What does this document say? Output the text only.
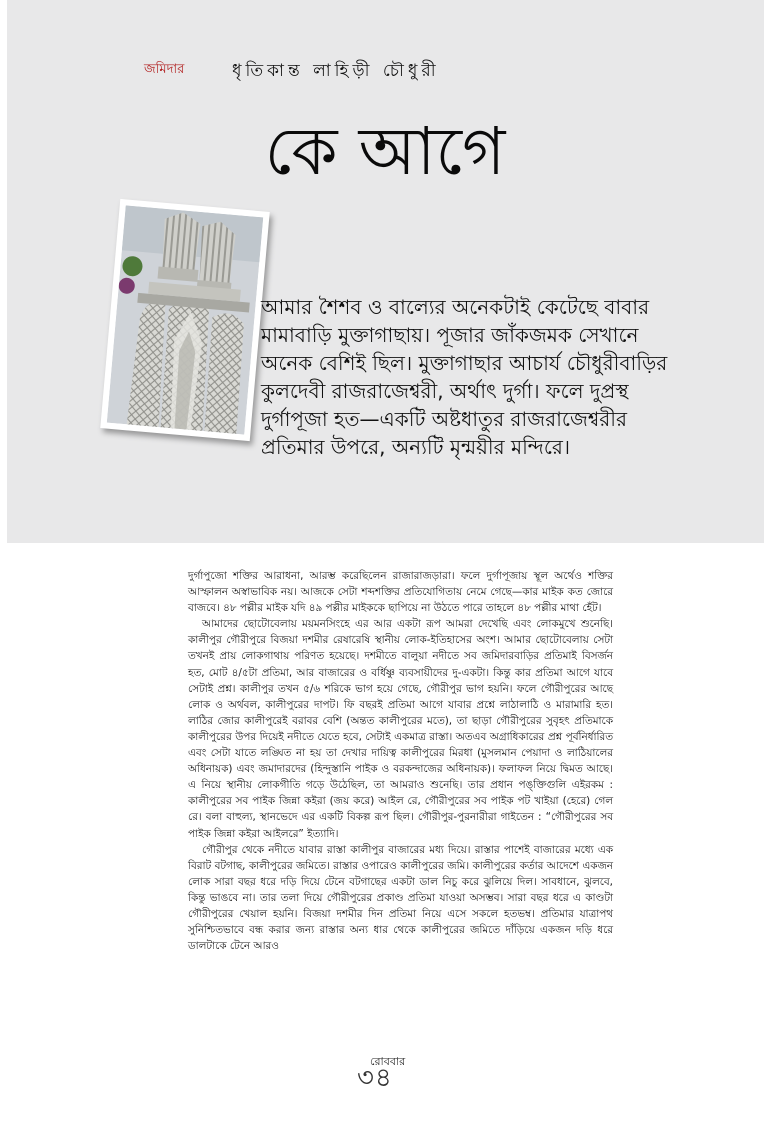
জমিদার	ধৃতিকান্ত লাহিড়ী চৌধুরী
কে আগে

আমার শৈশব ও বাল্যের অনেকটাই কেটেছে বাবার মামাবাড়ি মুক্তাগাছায়। পূজার জাঁকজমক সেখানে অনেক বেশিই ছিল। মুক্তাগাছার আচার্য চৌধুরীবাড়ির কুলদেবী রাজরাজেশ্বরী, অর্থাৎ দুর্গা। ফলে দুপ্রস্থ দুর্গাপূজা হত—একটি অষ্টধাতুর রাজরাজেশ্বরীর প্রতিমার উপরে, অন্যটি মৃন্ময়ীর মন্দিরে।

দুর্গাপুজো শক্তির আরাধনা, আরম্ভ করেছিলেন রাজারাজড়ারা। ফলে দুর্গাপূজায় স্থূল অর্থেও শক্তির আস্ফালন অস্বাভাবিক নয়। আজকে সেটা শব্দশক্তির প্রতিযোগিতায় নেমে গেছে—কার মাইক কত জোরে বাজবে। ৪৮ পল্লীর মাইক যদি ৪৯ পল্লীর মাইককে ছাপিয়ে না উঠতে পারে তাহলে ৪৮ পল্লীর মাথা হেঁট।

আমাদের ছোটোবেলায় ময়মনসিংহে এর আর একটা রূপ আমরা দেখেছি এবং লোকমুখে শুনেছি। কালীপুর গৌরীপুরে বিজয়া দশমীর রেষারেষি স্থানীয় লোক-ইতিহাসের অংশ। আমার ছোটোবেলায় সেটা তখনই প্রায় লোকগাথায় পরিণত হয়েছে। দশমীতে বালুয়া নদীতে সব জমিদারবাড়ির প্রতিমাই বিসর্জন হত, মোট ৪/৫টা প্রতিমা, আর বাজারের ও বর্ধিষ্ণু ব্যবসায়ীদের দু-একটা। কিন্তু কার প্রতিমা আগে যাবে সেটাই প্রশ্ন। কালীপুর তখন ৫/৬ শরিকে ভাগ হয়ে গেছে, গৌরীপুর ভাগ হয়নি। ফলে গৌরীপুরের আছে লোক ও অর্থবল, কালীপুরের দাপট। ফি বছরই প্রতিমা আগে যাবার প্রশ্নে লাঠালাঠি ও মারামারি হত। লাঠির জোর কালীপুরেই বরাবর বেশি (অন্তত কালীপুরের মতে), তা ছাড়া গৌরীপুরের সুবৃহৎ প্রতিমাকে কালীপুরের উপর দিয়েই নদীতে যেতে হবে, সেটাই একমাত্র রাস্তা। অতএব অগ্রাধিকারের প্রশ্ন পূর্বনির্ধারিত এবং সেটা যাতে লঙ্ঘিত না হয় তা দেখার দায়িত্ব কালীপুরের মিরধা (মুসলমান পেয়াদা ও লাঠিয়ালের অধিনায়ক) এবং জমাদারদের (হিন্দুস্তানি পাইক ও বরকন্দাজের অধিনায়ক)। ফলাফল নিয়ে দ্বিমত আছে। এ নিয়ে স্থানীয় লোকগীতি গড়ে উঠেছিল, তা আমরাও শুনেছি। তার প্রধান পঙ্‌ক্তিগুলি এইরকম : কালীপুরের সব পাইক জিন্না কইরা (জয় করে) আইল রে, গৌরীপুরের সব পাইক পট খাইয়া (হেরে) গেল রে। বলা বাহুল্য, স্থানভেদে এর একটি বিকল্প রূপ ছিল। গৌরীপুর-পুরনারীরা গাইতেন : “গৌরীপুরের সব পাইক জিন্না কইরা আইলরে” ইত্যাদি।

গৌরীপুর থেকে নদীতে যাবার রাস্তা কালীপুর বাজারের মধ্য দিয়ে। রাস্তার পাশেই বাজারের মধ্যে এক বিরাট বটগাছ, কালীপুরের জমিতে। রাস্তার ওপারেও কালীপুরের জমি। কালীপুরের কর্তার আদেশে একজন লোক সারা বছর ধরে দড়ি দিয়ে টেনে বটগাছের একটা ডাল নিচু করে ঝুলিয়ে দিল। সাবধানে, ঝুলবে, কিন্তু ভাঙবে না। তার তলা দিয়ে গৌরীপুরের প্রকাণ্ড প্রতিমা যাওয়া অসম্ভব। সারা বছর ধরে এ কাণ্ডটা গৌরীপুরের খেয়াল হয়নি। বিজয়া দশমীর দিন প্রতিমা নিয়ে এসে সকলে হতভম্ব। প্রতিমার যাত্রাপথ সুনিশ্চিতভাবে বন্ধ করার জন্য রাস্তার অন্য ধার থেকে কালীপুরের জমিতে দাঁড়িয়ে একজন দড়ি ধরে ডালটাকে টেনে আরও

রোববার
৩৪
